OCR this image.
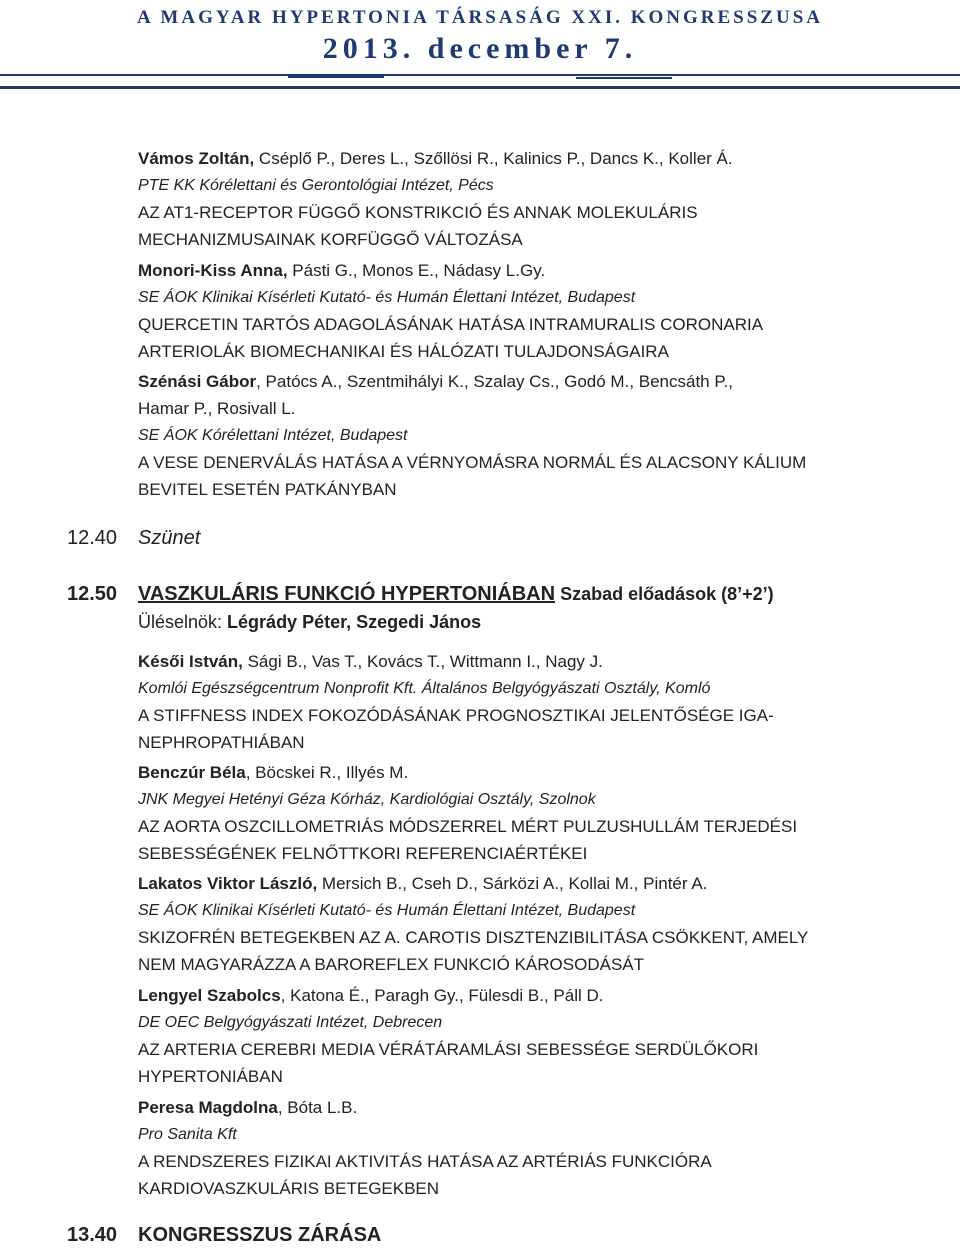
A MAGYAR HYPERTONIA TÁRSASÁG XXI. KONGRESSZUSA
2013. december 7.
Vámos Zoltán, Cséplő P., Deres L., Szőllösi R., Kalinics P., Dancs K., Koller Á.
PTE KK Kórélettani és Gerontológiai Intézet, Pécs
AZ AT1-RECEPTOR FÜGGŐ KONSTRIKCIÓ ÉS ANNAK MOLEKULÁRIS
MECHANIZMUSAINAK KORFÜGGŐ VÁLTOZÁSA
Monori-Kiss Anna, Pásti G., Monos E., Nádasy L.Gy.
SE ÁOK Klinikai Kísérleti Kutató- és Humán Élettani Intézet, Budapest
QUERCETIN TARTÓS ADAGOLÁSÁNAK HATÁSA INTRAMURALIS CORONARIA
ARTERIOLÁK BIOMECHANIKAI ÉS HÁLÓZATI TULAJDONSÁGAIRA
Szénási Gábor, Patócs A., Szentmihályi K., Szalay Cs., Godó M., Bencsáth P.,
Hamar P., Rosivall L.
SE ÁOK Kórélettani Intézet, Budapest
A VESE DENERVÁLÁS HATÁSA A VÉRNYOMÁSRA NORMÁL ÉS ALACSONY KÁLIUM
BEVITEL ESETÉN PATKÁNYBAN
12.40 Szünet
12.50 VASZKULÁRIS FUNKCIÓ HYPERTONIÁBAN Szabad előadások (8’+2’)
Üléselnök: Légrády Péter, Szegedi János
Késői István, Sági B., Vas T., Kovács T., Wittmann I., Nagy J.
Komlói Egészségcentrum Nonprofit Kft. Általános Belgyógyászati Osztály, Komló
A STIFFNESS INDEX FOKOZÓDÁSÁNAK PROGNOSZTIKAI JELENTŐSÉGE IGA-
NEPHROPATHIÁBAN
Benczúr Béla, Böcskei R., Illyés M.
JNK Megyei Hetényi Géza Kórház, Kardiológiai Osztály, Szolnok
AZ AORTA OSZCILLOMETRIÁS MÓDSZERREL MÉRT PULZUSHULLÁM TERJEDÉSI
SEBESSÉGÉNEK FELNŐTTKORI REFERENCIAÉRTÉKEI
Lakatos Viktor László, Mersich B., Cseh D., Sárközi A., Kollai M., Pintér A.
SE ÁOK Klinikai Kísérleti Kutató- és Humán Élettani Intézet, Budapest
SKIZOFRÉN BETEGEKBEN AZ A. CAROTIS DISZTENZIBILITÁSA CSÖKKENT, AMELY
NEM MAGYARÁZZA A BAROREFLEX FUNKCIÓ KÁROSODÁSÁT
Lengyel Szabolcs, Katona É., Paragh Gy., Fülesdi B., Páll D.
DE OEC Belgyógyászati Intézet, Debrecen
AZ ARTERIA CEREBRI MEDIA VÉRÁTÁRAMLÁSI SEBESSÉGE SERDÜLŐKORI
HYPERTONIÁBAN
Peresa Magdolna, Bóta L.B.
Pro Sanita Kft
A RENDSZERES FIZIKAI AKTIVITÁS HATÁSA AZ ARTÉRIÁS FUNKCIÓRA
KARDIOVASZKULÁRIS BETEGEKBEN
13.40 KONGRESSZUS ZÁRÁSA
